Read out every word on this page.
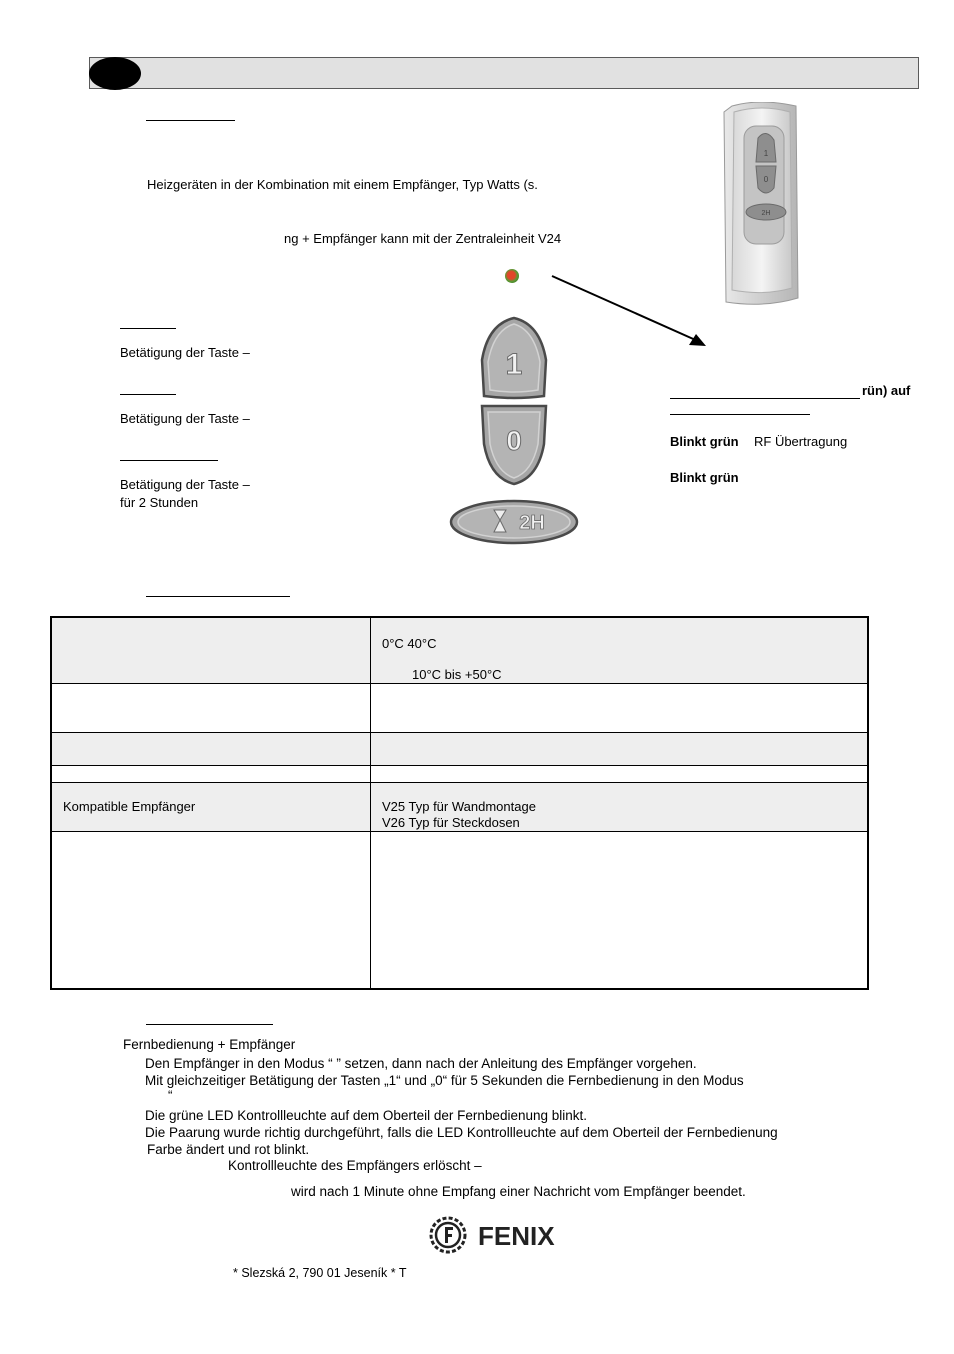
Heizgeräten in der Kombination mit einem Empfänger, Typ Watts (s.
ng + Empfänger kann mit der Zentraleinheit V24
1
0
2H
Betätigung der Taste –
Betätigung der Taste –
Betätigung der Taste –
für 2 Stunden
1
0
2H
rün) auf
Blinkt grün RF Übertragung
Blinkt grün
0°C 40°C
10°C bis +50°C
Kompatible Empfänger	V25 Typ für Wandmontage
V26 Typ für Steckdosen
Fernbedienung + Empfänger
Den Empfänger in den Modus “ ” setzen, dann nach der Anleitung des Empfänger vorgehen.
Mit gleichzeitiger Betätigung der Tasten „1“ und „0“ für 5 Sekunden die Fernbedienung in den Modus
“
Die grüne LED Kontrollleuchte auf dem Oberteil der Fernbedienung blinkt.
Die Paarung wurde richtig durchgeführt, falls die LED Kontrollleuchte auf dem Oberteil der Fernbedienung
Farbe ändert und rot blinkt.
Kontrollleuchte des Empfängers erlöscht –
wird nach 1 Minute ohne Empfang einer Nachricht vom Empfänger beendet.
FENIX
* Slezská 2, 790 01 Jeseník * T
